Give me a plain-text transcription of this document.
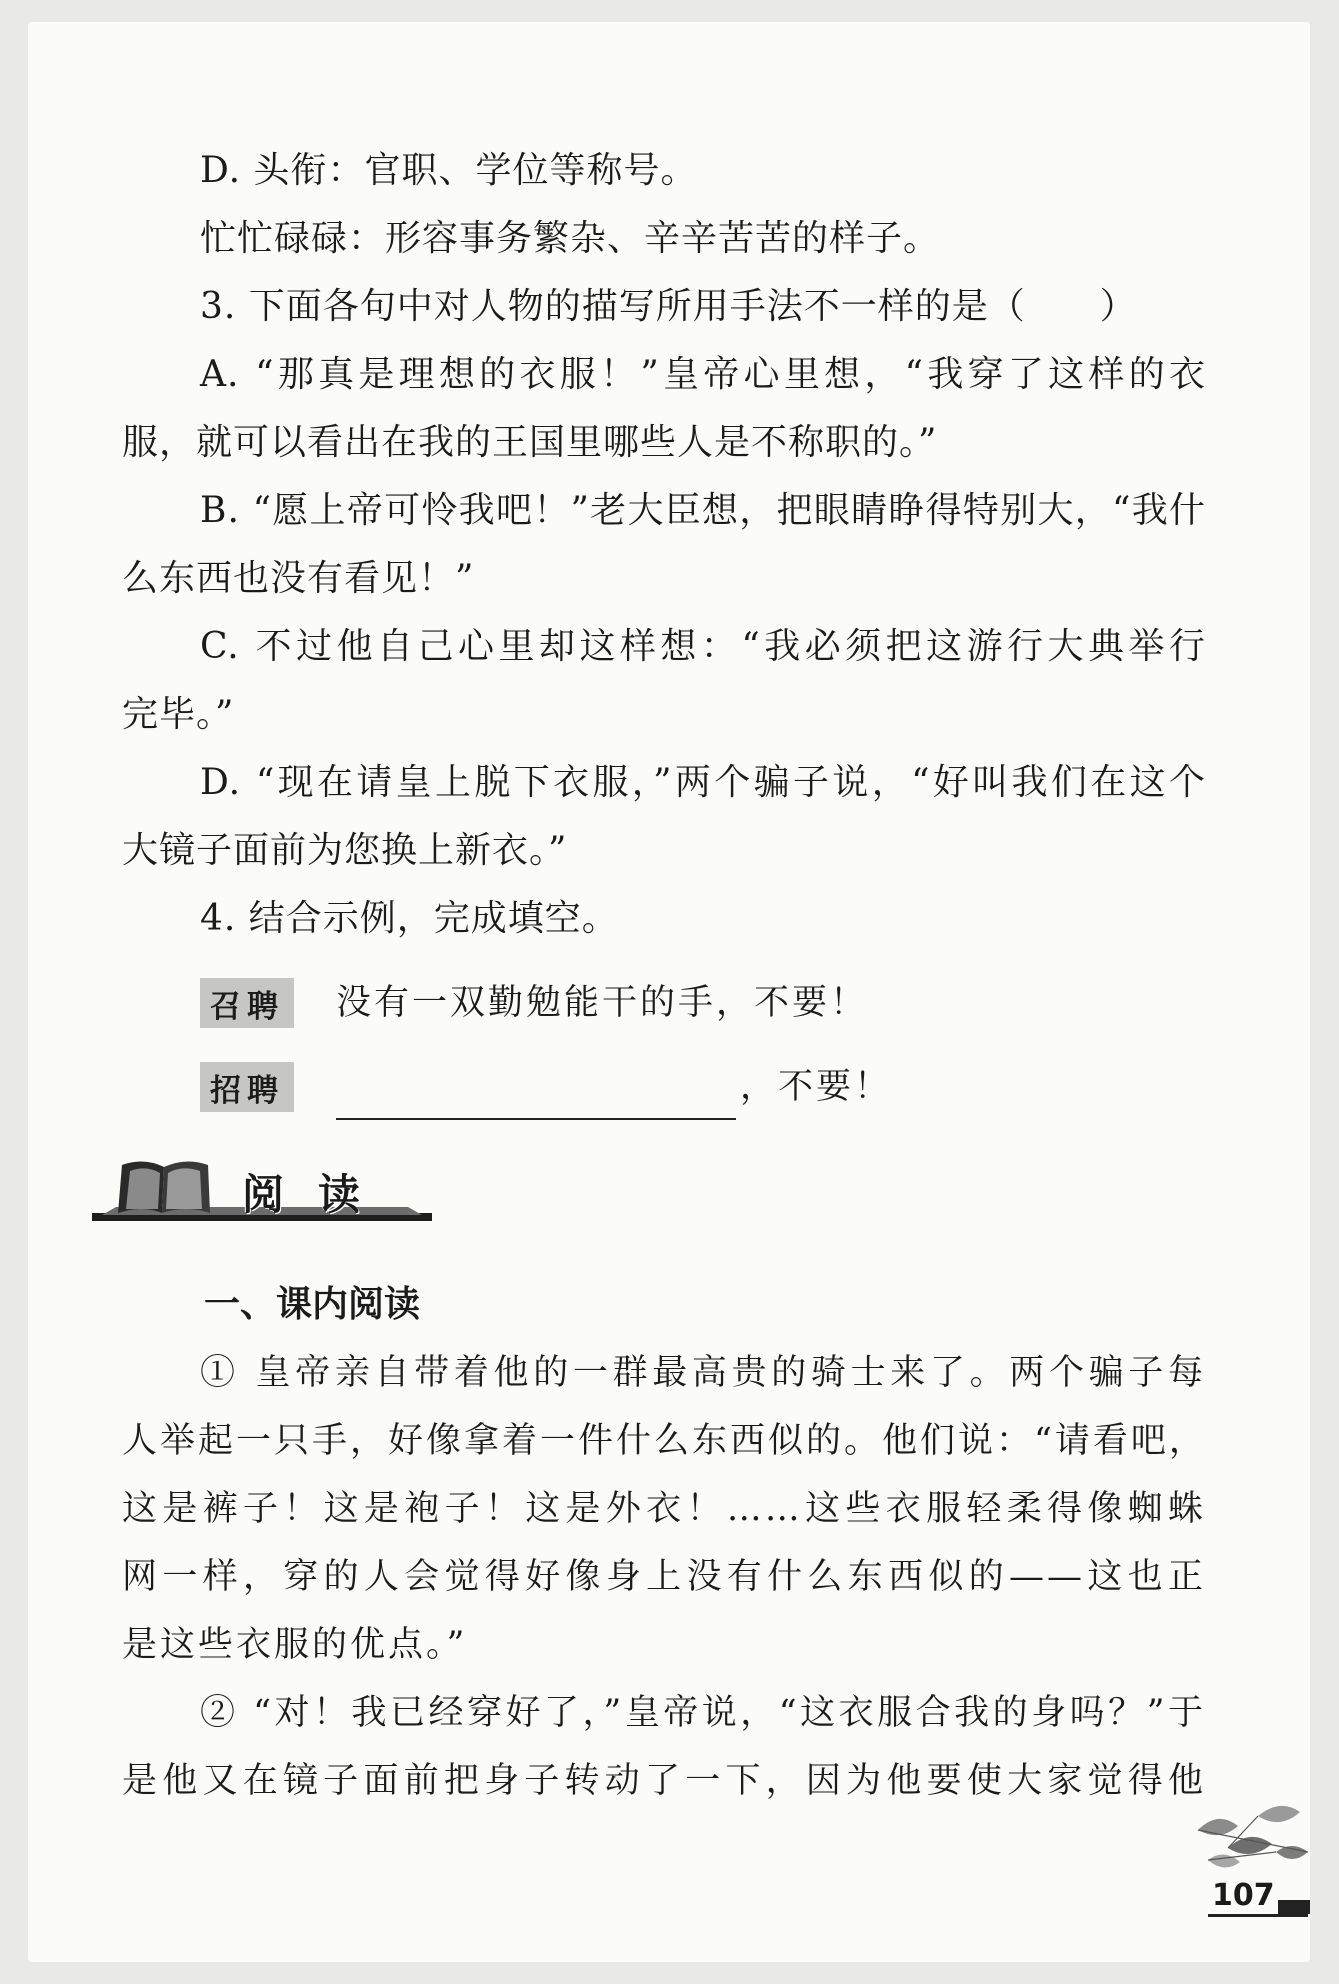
D. 头衔：官职、学位等称号。
忙忙碌碌：形容事务繁杂、辛辛苦苦的样子。
3. 下面各句中对人物的描写所用手法不一样的是（　　）
A. “那真是理想的衣服！”皇帝心里想，“我穿了这样的衣
服，就可以看出在我的王国里哪些人是不称职的。”
B. “愿上帝可怜我吧！”老大臣想，把眼睛睁得特别大，“我什
么东西也没有看见！”
C. 不过他自己心里却这样想：“我必须把这游行大典举行
完毕。”
D. “现在请皇上脱下衣服，”两个骗子说，“好叫我们在这个
大镜子面前为您换上新衣。”
4. 结合示例，完成填空。
召聘 没有一双勤勉能干的手，不要！
招聘	，不要！
阅读
一、课内阅读
① 皇帝亲自带着他的一群最高贵的骑士来了。两个骗子每
人举起一只手，好像拿着一件什么东西似的。他们说：“请看吧，
这是裤子！这是袍子！这是外衣！……这些衣服轻柔得像蜘蛛
网一样，穿的人会觉得好像身上没有什么东西似的——这也正
是这些衣服的优点。”
② “对！我已经穿好了，”皇帝说，“这衣服合我的身吗？”于
是他又在镜子面前把身子转动了一下，因为他要使大家觉得他
107
